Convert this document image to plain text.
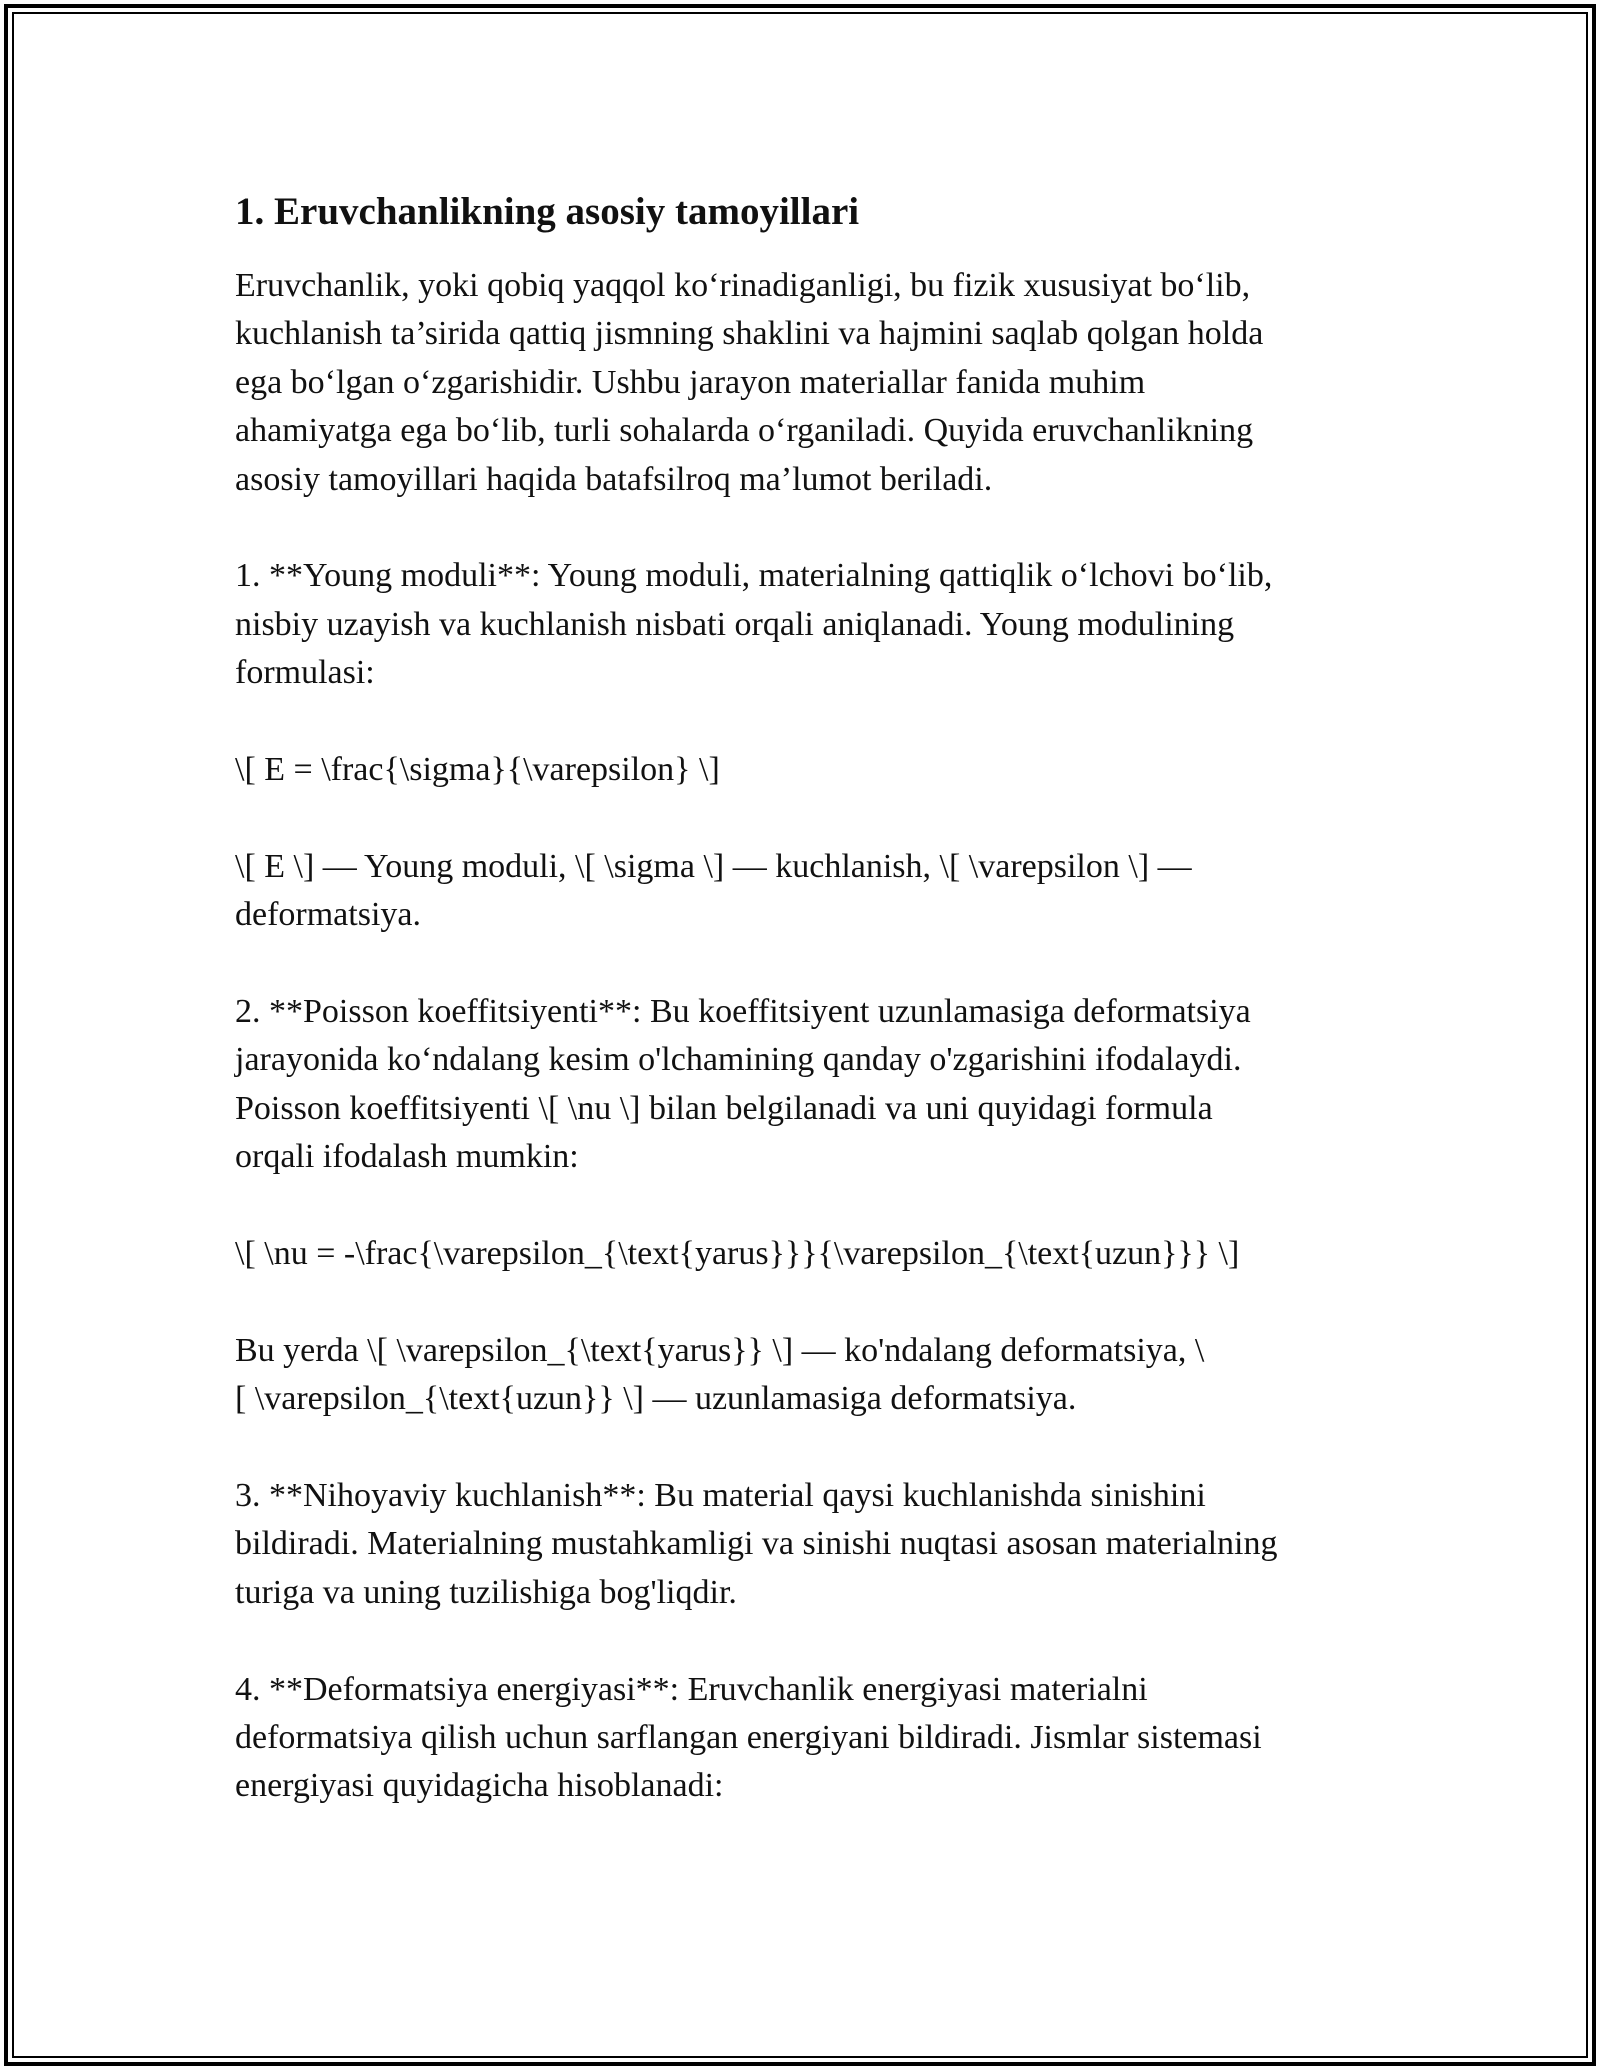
1. Eruvchanlikning asosiy tamoyillari
Eruvchanlik, yoki qobiq yaqqol ko‘rinadiganligi, bu fizik xususiyat bo‘lib,
kuchlanish ta’sirida qattiq jismning shaklini va hajmini saqlab qolgan holda
ega bo‘lgan o‘zgarishidir. Ushbu jarayon materiallar fanida muhim
ahamiyatga ega bo‘lib, turli sohalarda o‘rganiladi. Quyida eruvchanlikning
asosiy tamoyillari haqida batafsilroq ma’lumot beriladi.
1. **Young moduli**: Young moduli, materialning qattiqlik o‘lchovi bo‘lib,
nisbiy uzayish va kuchlanish nisbati orqali aniqlanadi. Young modulining
formulasi:
\[ E = \frac{\sigma}{\varepsilon} \]
\[ E \] — Young moduli, \[ \sigma \] — kuchlanish, \[ \varepsilon \] —
deformatsiya.
2. **Poisson koeffitsiyenti**: Bu koeffitsiyent uzunlamasiga deformatsiya
jarayonida ko‘ndalang kesim o'lchamining qanday o'zgarishini ifodalaydi.
Poisson koeffitsiyenti \[ \nu \] bilan belgilanadi va uni quyidagi formula
orqali ifodalash mumkin:
\[ \nu = -\frac{\varepsilon_{\text{yarus}}}{\varepsilon_{\text{uzun}}} \]
Bu yerda \[ \varepsilon_{\text{yarus}} \] — ko'ndalang deformatsiya, \
[ \varepsilon_{\text{uzun}} \] — uzunlamasiga deformatsiya.
3. **Nihoyaviy kuchlanish**: Bu material qaysi kuchlanishda sinishini
bildiradi. Materialning mustahkamligi va sinishi nuqtasi asosan materialning
turiga va uning tuzilishiga bog'liqdir.
4. **Deformatsiya energiyasi**: Eruvchanlik energiyasi materialni
deformatsiya qilish uchun sarflangan energiyani bildiradi. Jismlar sistemasi
energiyasi quyidagicha hisoblanadi:
